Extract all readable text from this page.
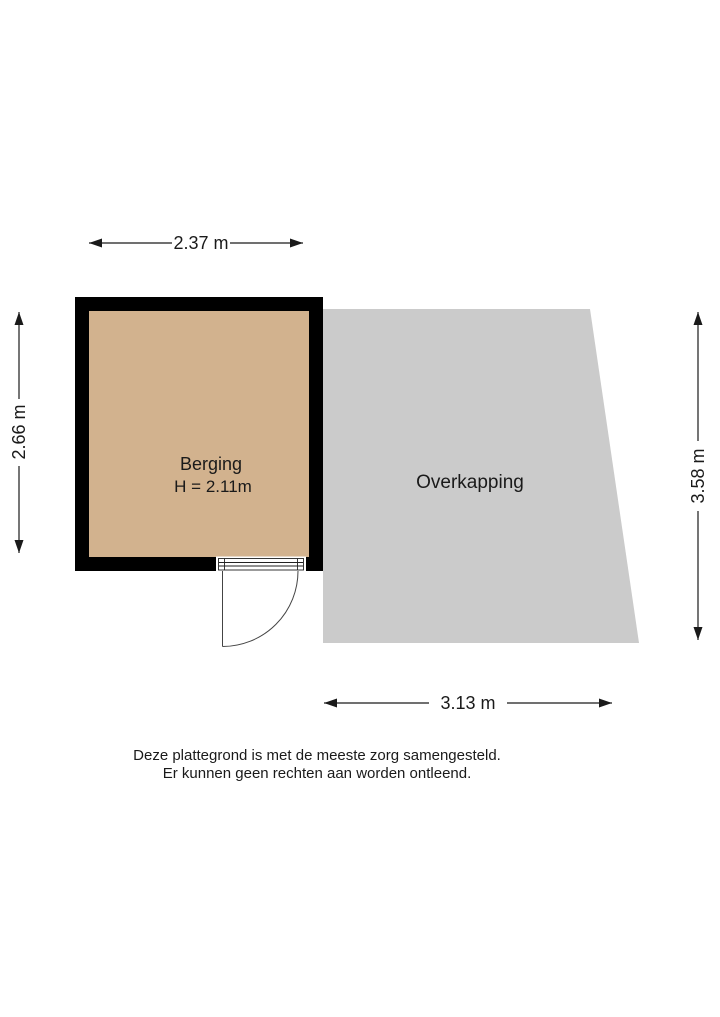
2.37 m
2.66 m
3.58 m
3.13 m
Berging
H = 2.11m	Overkapping
Deze plattegrond is met de meeste zorg samengesteld.
Er kunnen geen rechten aan worden ontleend.
